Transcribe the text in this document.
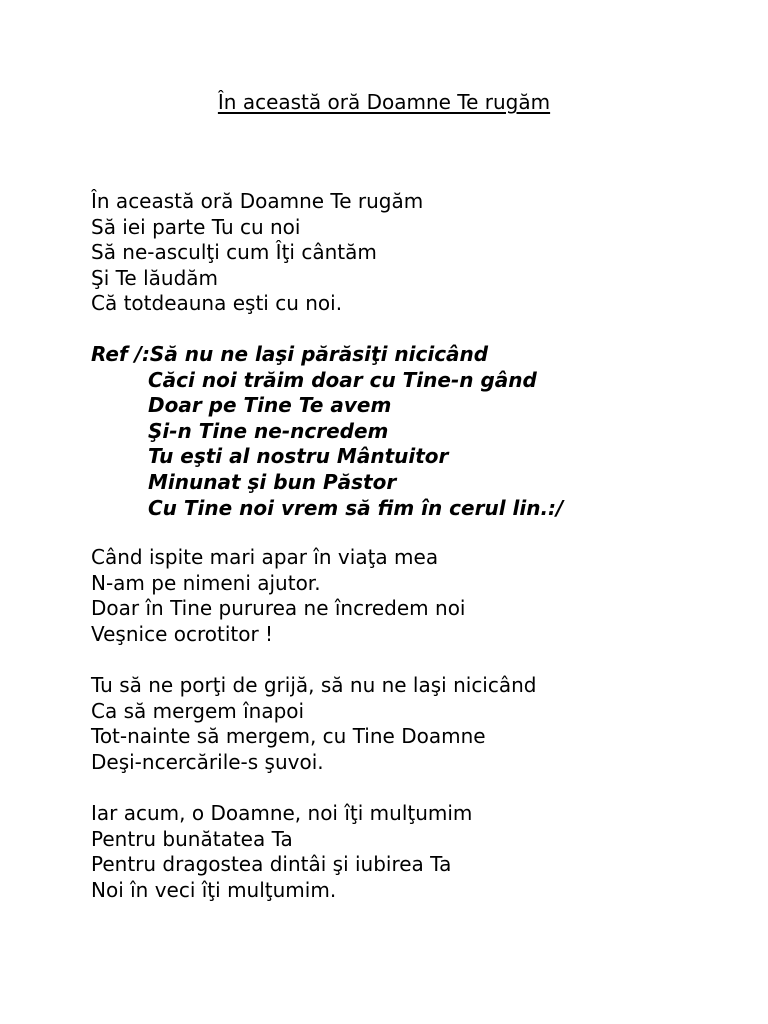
În această oră Doamne Te rugăm
În această oră Doamne Te rugăm
Să iei parte Tu cu noi
Să ne-asculţi cum Îţi cântăm
Şi Te lăudăm
Că totdeauna eşti cu noi.
Ref /:Să nu ne laşi părăsiţi nicicând
Căci noi trăim doar cu Tine-n gând
Doar pe Tine Te avem
Şi-n Tine ne-ncredem
Tu eşti al nostru Mântuitor
Minunat şi bun Păstor
Cu Tine noi vrem să fim în cerul lin.:/
Când ispite mari apar în viaţa mea
N-am pe nimeni ajutor.
Doar în Tine pururea ne încredem noi
Veşnice ocrotitor !
Tu să ne porţi de grijă, să nu ne laşi nicicând
Ca să mergem înapoi
Tot-nainte să mergem, cu Tine Doamne
Deşi-ncercările-s şuvoi.
Iar acum, o Doamne, noi îţi mulţumim
Pentru bunătatea Ta
Pentru dragostea dintâi şi iubirea Ta
Noi în veci îţi mulţumim.
